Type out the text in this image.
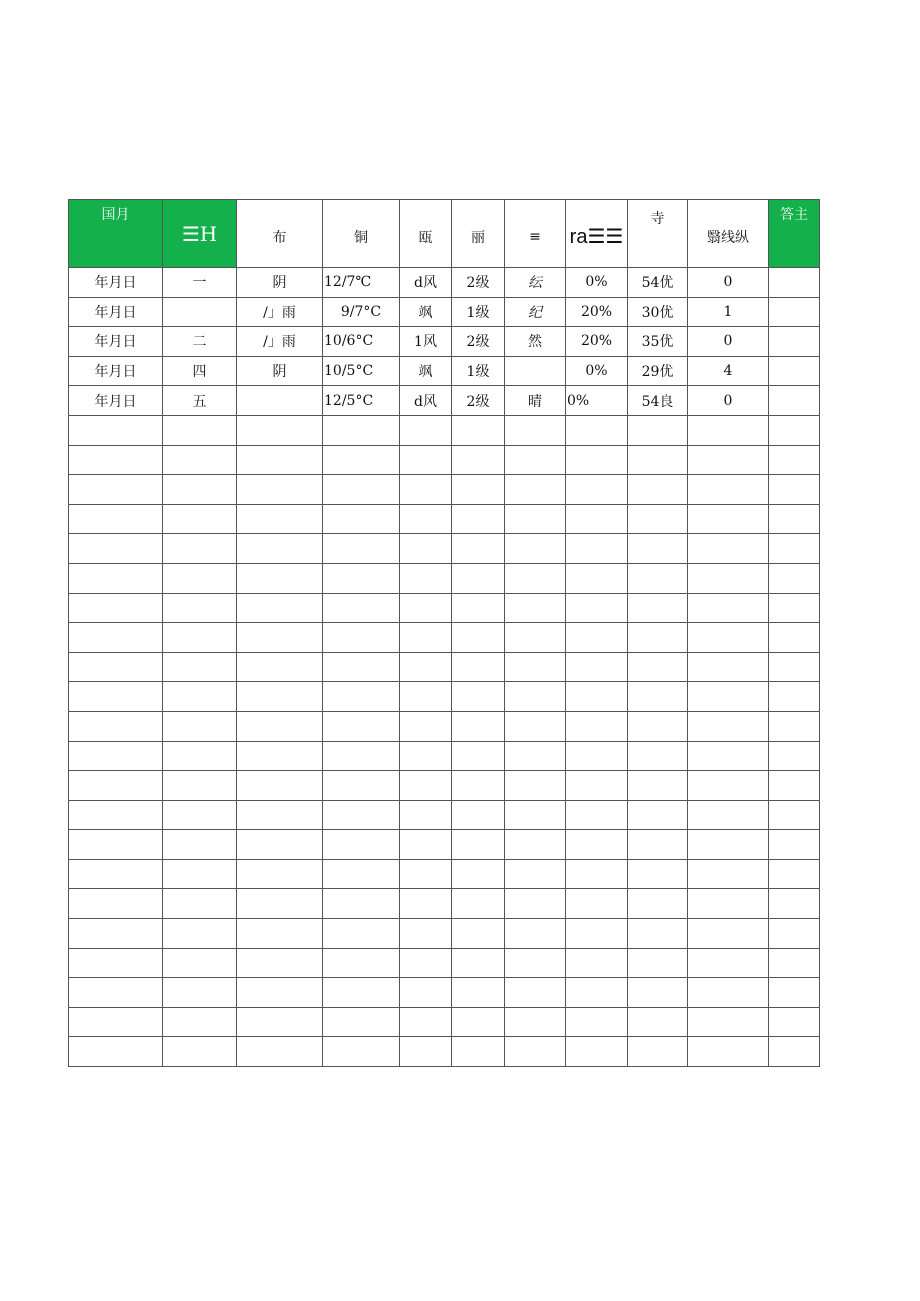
国月	☰H	布	铜	瓯	丽	≡	ra☰☰	寺	翳线纵	答主
年月日	一	阴	12/7℃	d风	2级	纭	0%	54优	0	
年月日		/」雨	9/7°C	飒	1级	纪	20%	30优	1	
年月日	二	/」雨	10/6°C	1风	2级	然	20%	35优	0	
年月日	四	阴	10/5°C	飒	1级		0%	29优	4	
年月日	五		12/5°C	d风	2级	晴	0%	54良	0	
